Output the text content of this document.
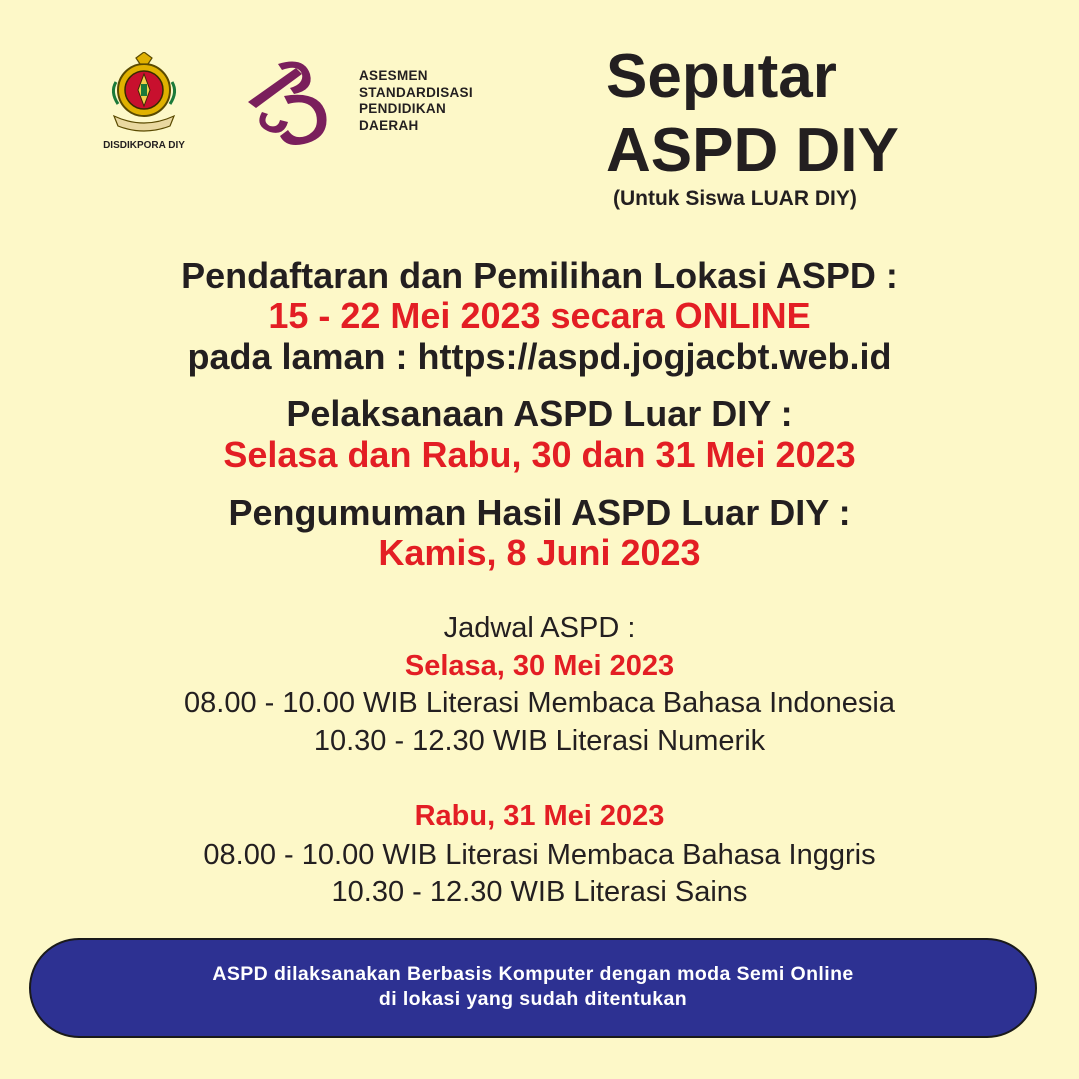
DISDIKPORA DIY
ASESMEN
STANDARDISASI
PENDIDIKAN
DAERAH
Seputar
ASPD DIY
(Untuk Siswa LUAR DIY)
Pendaftaran dan Pemilihan Lokasi ASPD :
15 - 22 Mei 2023 secara ONLINE
pada laman : https://aspd.jogjacbt.web.id
Pelaksanaan ASPD Luar DIY :
Selasa dan Rabu, 30 dan 31 Mei 2023
Pengumuman Hasil ASPD Luar DIY :
Kamis, 8 Juni 2023
Jadwal ASPD :
Selasa, 30 Mei 2023
08.00 - 10.00 WIB Literasi Membaca Bahasa Indonesia
10.30 - 12.30 WIB Literasi Numerik
Rabu, 31 Mei 2023
08.00 - 10.00 WIB Literasi Membaca Bahasa Inggris
10.30 - 12.30 WIB Literasi Sains
ASPD dilaksanakan Berbasis Komputer dengan moda Semi Online
di lokasi yang sudah ditentukan
